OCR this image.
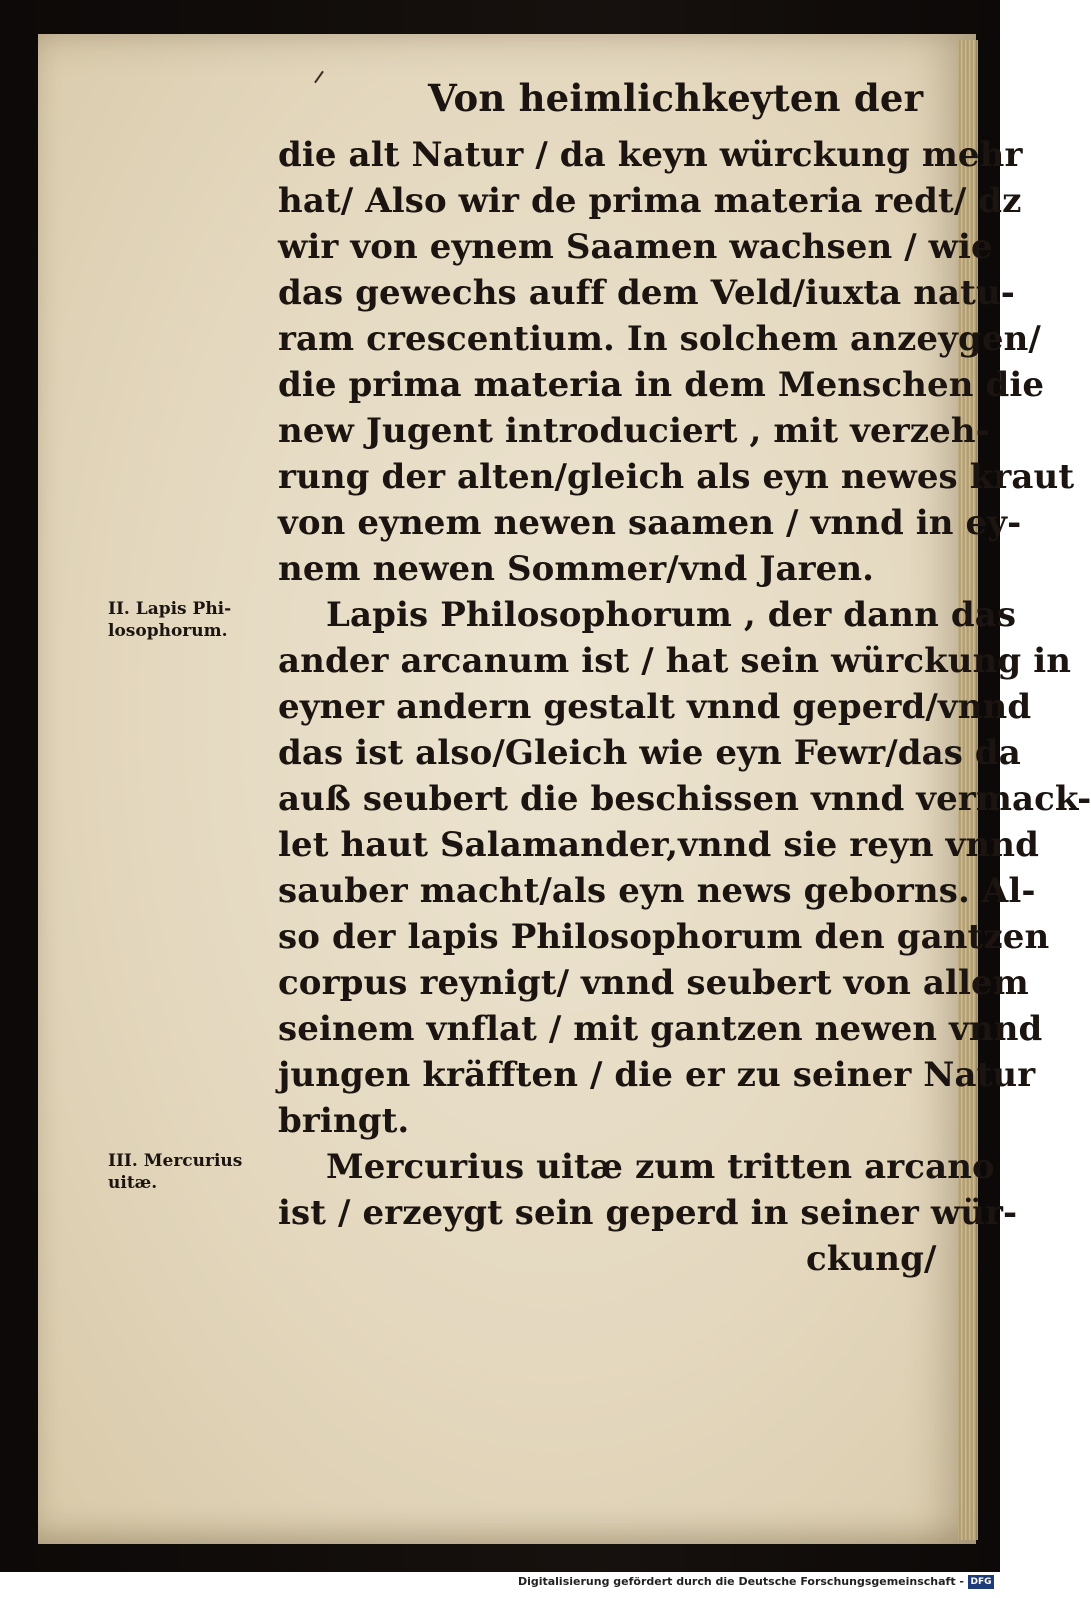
Von heimlichkeyten der
die alt Natur / da keyn würckung mehr
hat/ Also wir de prima materia redt/ dz
wir von eynem Saamen wachsen / wie
das gewechs auff dem Veld/iuxta natu-
ram crescentium. In solchem anzeygen/
die prima materia in dem Menschen die
new Jugent introduciert , mit verzeh-
rung der alten/gleich als eyn newes kraut
von eynem newen saamen / vnnd in ey-
nem newen Sommer/vnd Jaren.
Lapis Philosophorum , der dann das
ander arcanum ist / hat sein würckung in
eyner andern gestalt vnnd geperd/vnnd
das ist also/Gleich wie eyn Fewr/das da
auß seubert die beschissen vnnd vermack-
let haut Salamander,vnnd sie reyn vnnd
sauber macht/als eyn news geborns. Al-
so der lapis Philosophorum den gantzen
corpus reynigt/ vnnd seubert von allem
seinem vnflat / mit gantzen newen vnnd
jungen kräfften / die er zu seiner Natur
bringt.
Mercurius uitæ zum tritten arcano
ist / erzeygt sein geperd in seiner wür-
ckung/
II. Lapis Phi-
losophorum.
III. Mercurius
uitæ.
Digitalisierung gefördert durch die Deutsche Forschungsgemeinschaft - DFG
